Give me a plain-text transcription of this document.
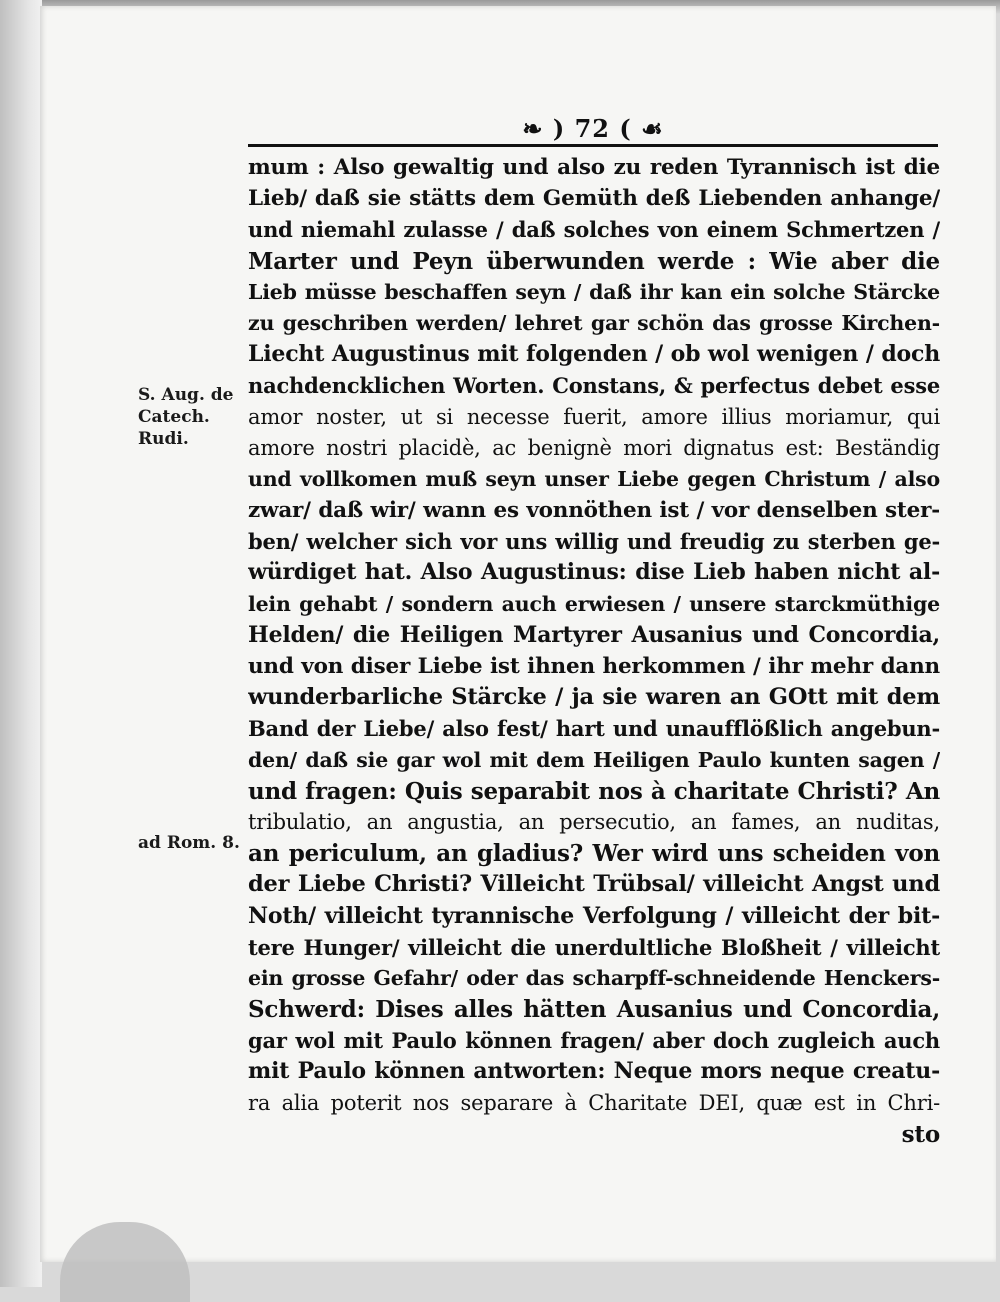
❧ ) 72 ( ☙
S. Aug. de Catech. Rudi.
ad Rom. 8.
mum : Also gewaltig und also zu reden Tyrannisch ist die
Lieb/ daß sie stätts dem Gemüth deß Liebenden anhange/
und niemahl zulasse / daß solches von einem Schmertzen /
Marter und Peyn überwunden werde : Wie aber die
Lieb müsse beschaffen seyn / daß ihr kan ein solche Stärcke
zu geschriben werden/ lehret gar schön das grosse Kirchen-
Liecht Augustinus mit folgenden / ob wol wenigen / doch
nachdencklichen Worten. Constans, & perfectus debet esse
amor noster, ut si necesse fuerit, amore illius moriamur, qui
amore nostri placidè, ac benignè mori dignatus est: Beständig
und vollkomen muß seyn unser Liebe gegen Christum / also
zwar/ daß wir/ wann es vonnöthen ist / vor denselben ster-
ben/ welcher sich vor uns willig und freudig zu sterben ge-
würdiget hat. Also Augustinus: dise Lieb haben nicht al-
lein gehabt / sondern auch erwiesen / unsere starckmüthige
Helden/ die Heiligen Martyrer Ausanius und Concordia,
und von diser Liebe ist ihnen herkommen / ihr mehr dann
wunderbarliche Stärcke / ja sie waren an GOtt mit dem
Band der Liebe/ also fest/ hart und unaufflößlich angebun-
den/ daß sie gar wol mit dem Heiligen Paulo kunten sagen /
und fragen: Quis separabit nos à charitate Christi? An
tribulatio, an angustia, an persecutio, an fames, an nuditas,
an periculum, an gladius? Wer wird uns scheiden von
der Liebe Christi? Villeicht Trübsal/ villeicht Angst und
Noth/ villeicht tyrannische Verfolgung / villeicht der bit-
tere Hunger/ villeicht die unerdultliche Bloßheit / villeicht
ein grosse Gefahr/ oder das scharpff-schneidende Henckers-
Schwerd: Dises alles hätten Ausanius und Concordia,
gar wol mit Paulo können fragen/ aber doch zugleich auch
mit Paulo können antworten: Neque mors neque creatu-
ra alia poterit nos separare à Charitate DEI, quæ est in Chri-
sto
